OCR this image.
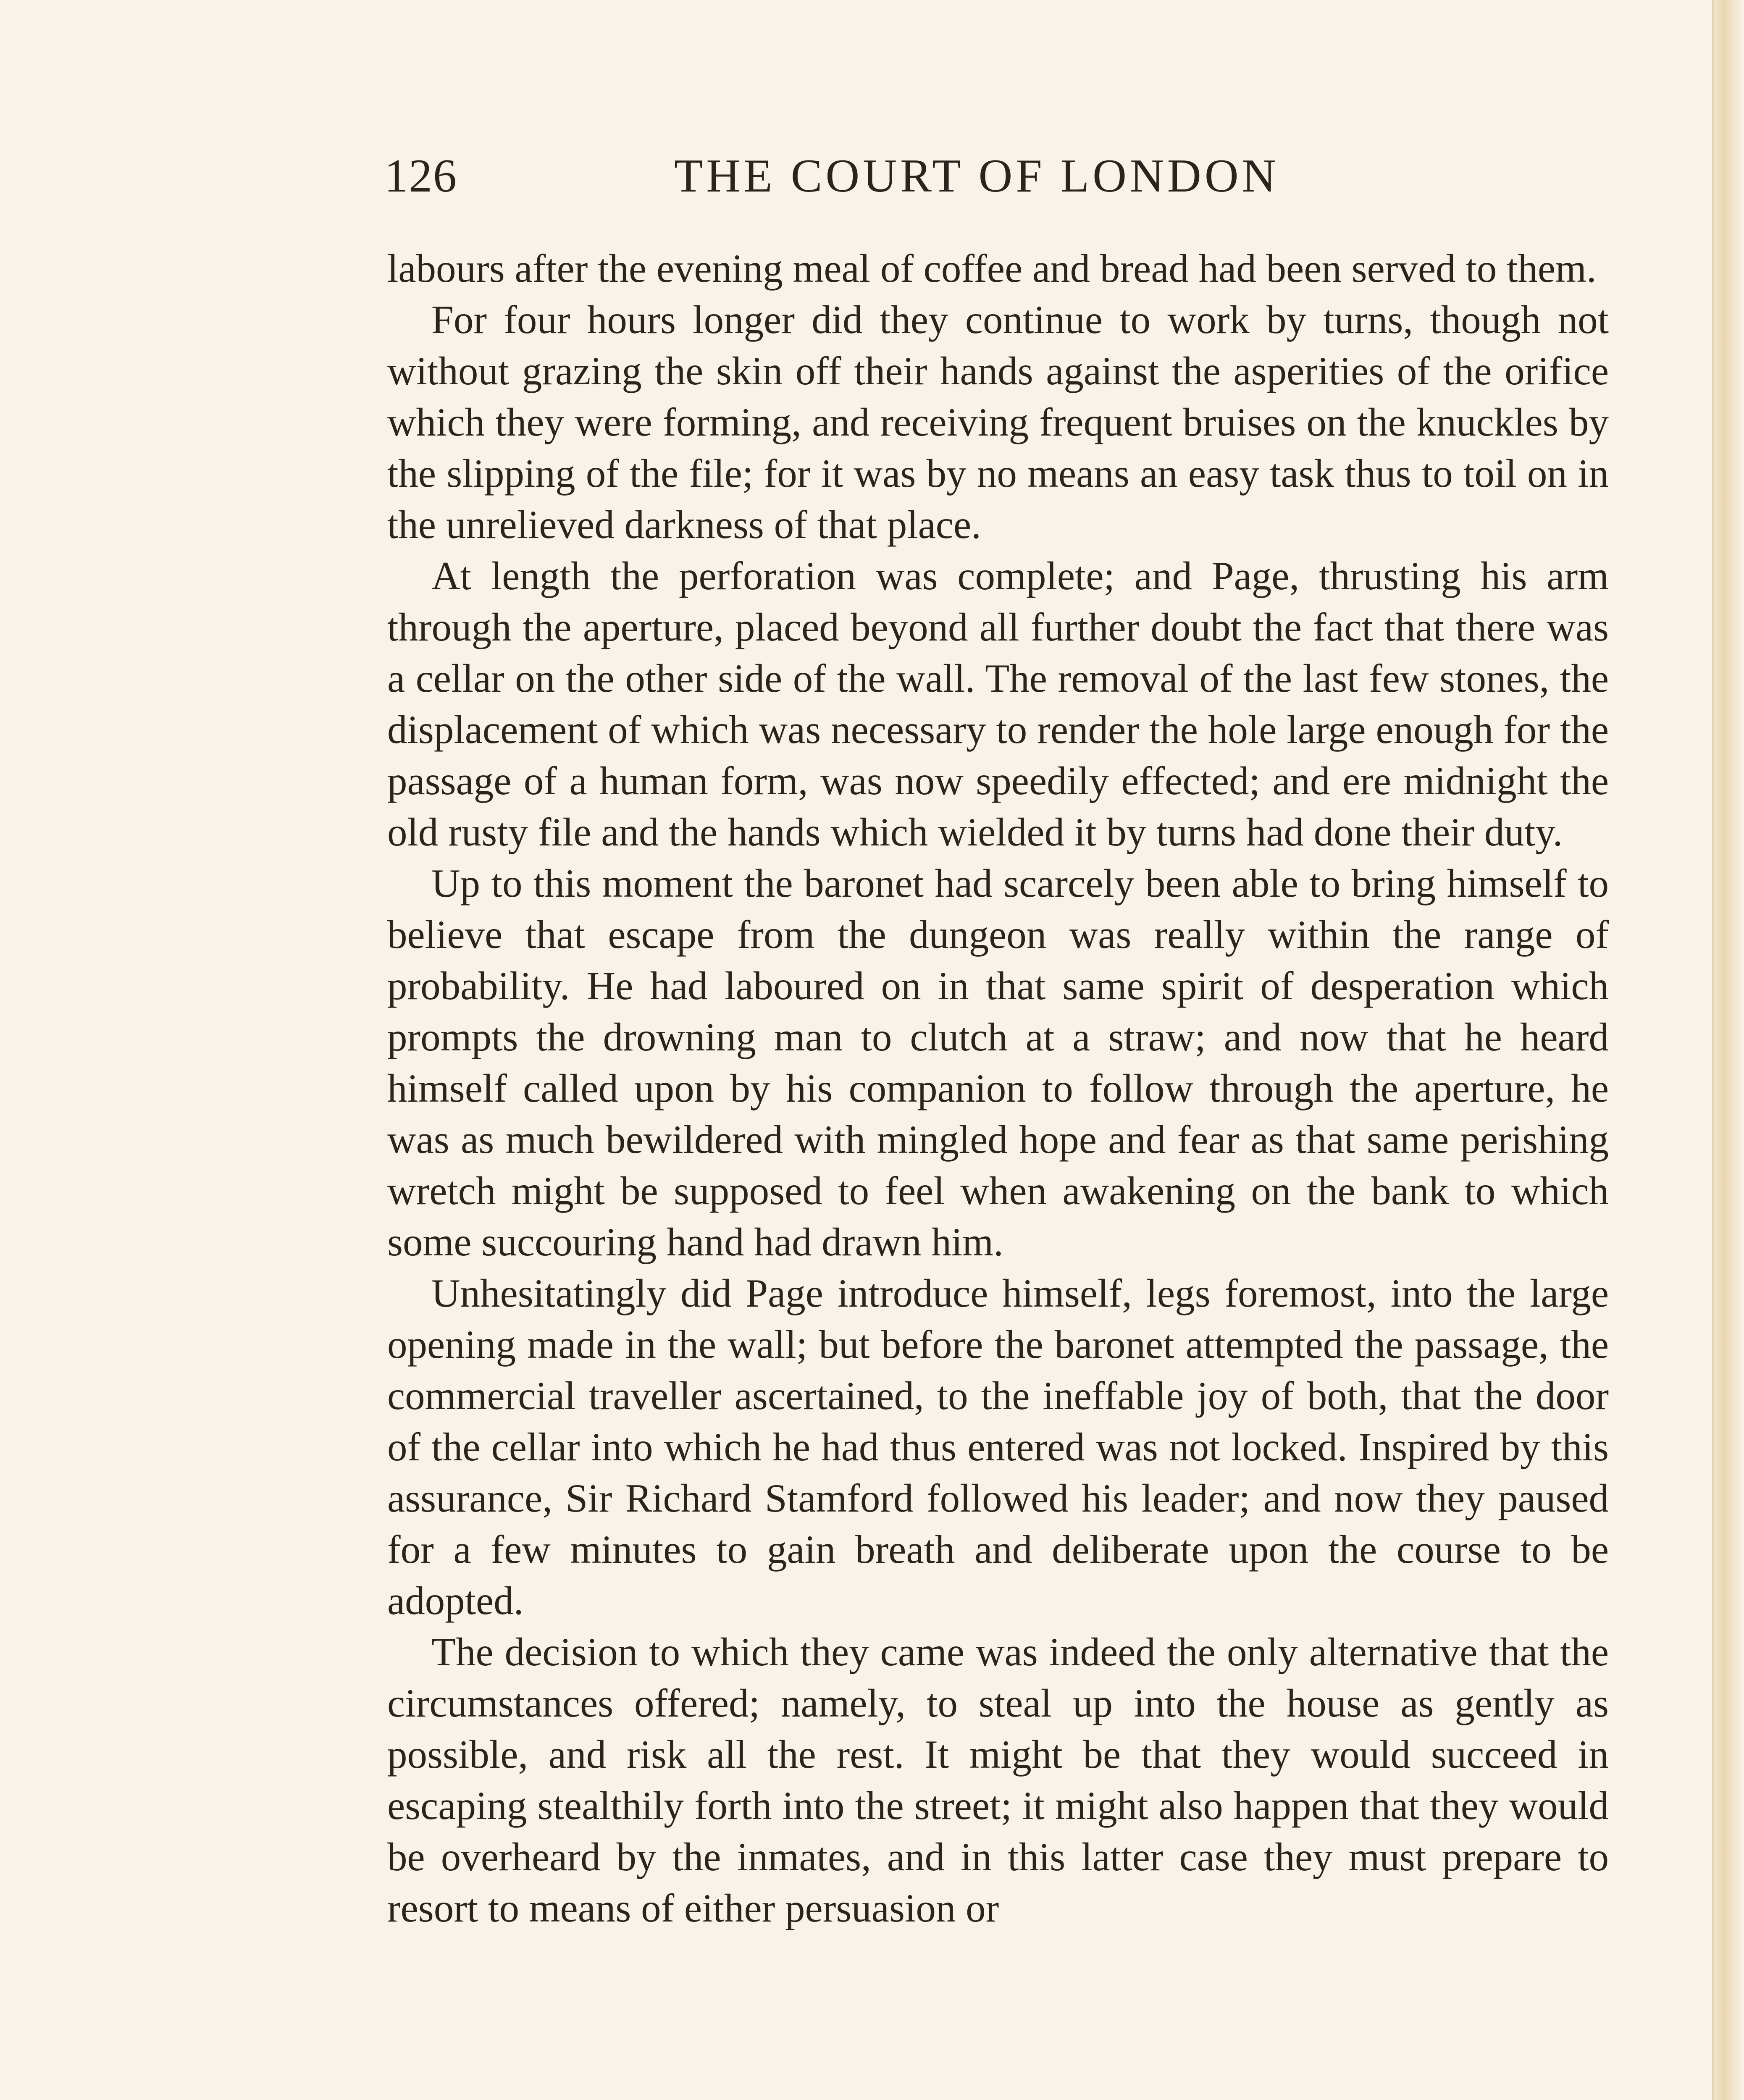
126	THE COURT OF LONDON

labours after the evening meal of coffee and bread had been served to them.

For four hours longer did they continue to work by turns, though not without grazing the skin off their hands against the asperities of the orifice which they were forming, and receiving frequent bruises on the knuckles by the slipping of the file; for it was by no means an easy task thus to toil on in the unrelieved darkness of that place.

At length the perforation was complete; and Page, thrusting his arm through the aperture, placed beyond all further doubt the fact that there was a cellar on the other side of the wall. The removal of the last few stones, the displacement of which was necessary to render the hole large enough for the passage of a human form, was now speedily effected; and ere midnight the old rusty file and the hands which wielded it by turns had done their duty.

Up to this moment the baronet had scarcely been able to bring himself to believe that escape from the dungeon was really within the range of probability. He had laboured on in that same spirit of desperation which prompts the drowning man to clutch at a straw; and now that he heard himself called upon by his companion to follow through the aperture, he was as much bewildered with mingled hope and fear as that same perishing wretch might be supposed to feel when awakening on the bank to which some succouring hand had drawn him.

Unhesitatingly did Page introduce himself, legs foremost, into the large opening made in the wall; but before the baronet attempted the passage, the commercial traveller ascertained, to the ineffable joy of both, that the door of the cellar into which he had thus entered was not locked. Inspired by this assurance, Sir Richard Stamford followed his leader; and now they paused for a few minutes to gain breath and deliberate upon the course to be adopted.

The decision to which they came was indeed the only alternative that the circumstances offered; namely, to steal up into the house as gently as possible, and risk all the rest. It might be that they would succeed in escaping stealthily forth into the street; it might also happen that they would be overheard by the inmates, and in this latter case they must prepare to resort to means of either persuasion or
